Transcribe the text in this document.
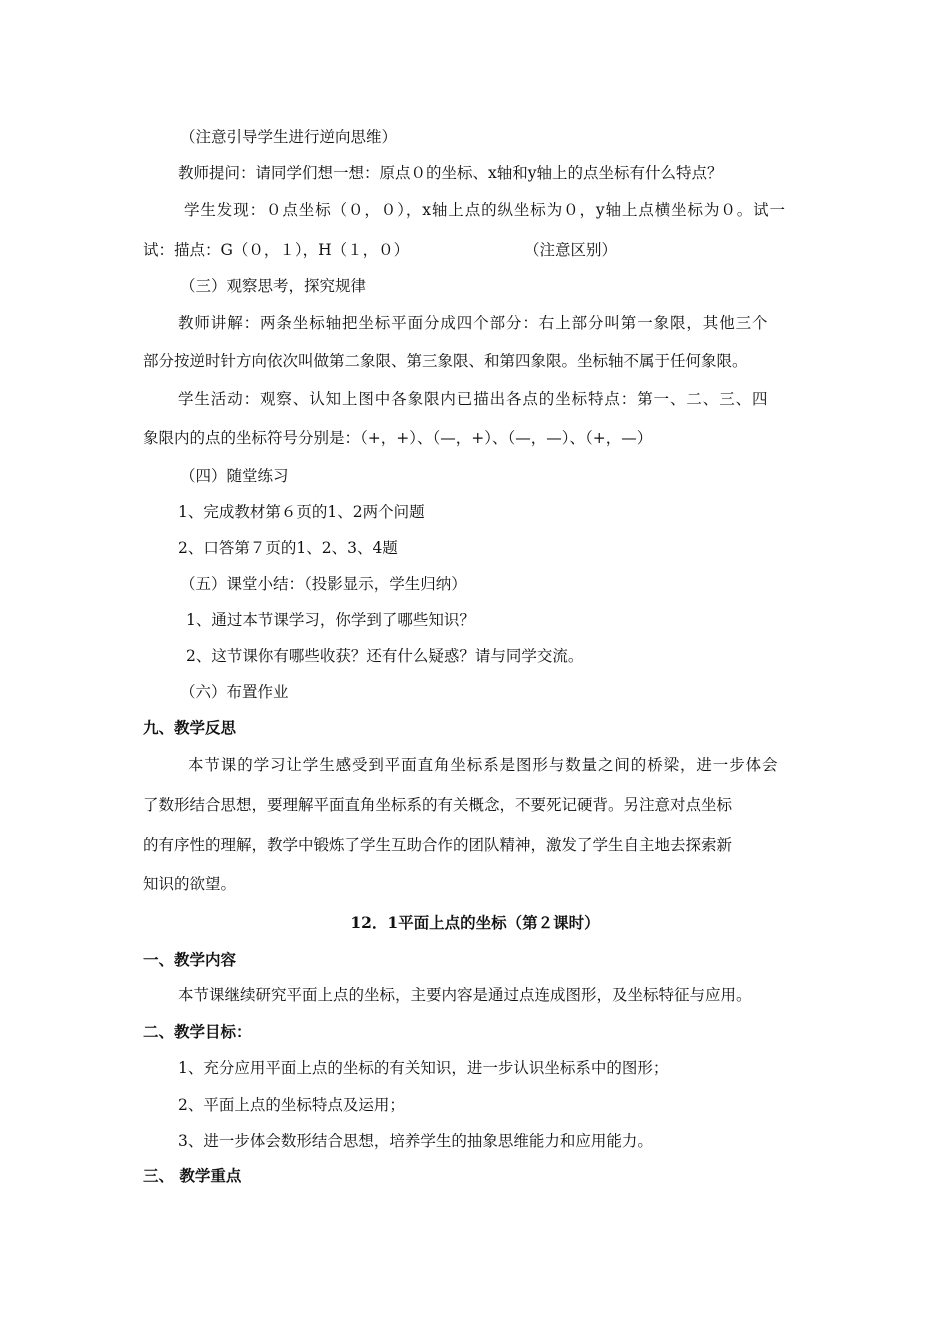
（注意引导学生进行逆向思维）
教师提问：请同学们想一想：原点０的坐标、x轴和y轴上的点坐标有什么特点？
学生发现：０点坐标（０，０），x轴上点的纵坐标为０，y轴上点横坐标为０。试一
试：描点：G（０，１），H（１，０）	（注意区别）
（三）观察思考，探究规律
教师讲解：两条坐标轴把坐标平面分成四个部分：右上部分叫第一象限，其他三个
部分按逆时针方向依次叫做第二象限、第三象限、和第四象限。坐标轴不属于任何象限。
学生活动：观察、认知上图中各象限内已描出各点的坐标特点：第一、二、三、四
象限内的点的坐标符号分别是：（+，+）、（—，+）、（—，—）、（+，—）
（四）随堂练习
1、完成教材第６页的1、2两个问题
2、口答第７页的1、2、3、4题
（五）课堂小结：（投影显示，学生归纳）
1、通过本节课学习，你学到了哪些知识？
2、这节课你有哪些收获？还有什么疑惑？请与同学交流。
（六）布置作业
九、教学反思
本节课的学习让学生感受到平面直角坐标系是图形与数量之间的桥梁，进一步体会
了数形结合思想，要理解平面直角坐标系的有关概念，不要死记硬背。另注意对点坐标
的有序性的理解，教学中锻炼了学生互助合作的团队精神，激发了学生自主地去探索新
知识的欲望。
12．1平面上点的坐标（第２课时）
一、教学内容
本节课继续研究平面上点的坐标，主要内容是通过点连成图形，及坐标特征与应用。
二、教学目标：
1、充分应用平面上点的坐标的有关知识，进一步认识坐标系中的图形；
2、平面上点的坐标特点及运用；
3、进一步体会数形结合思想，培养学生的抽象思维能力和应用能力。
三、 教学重点
